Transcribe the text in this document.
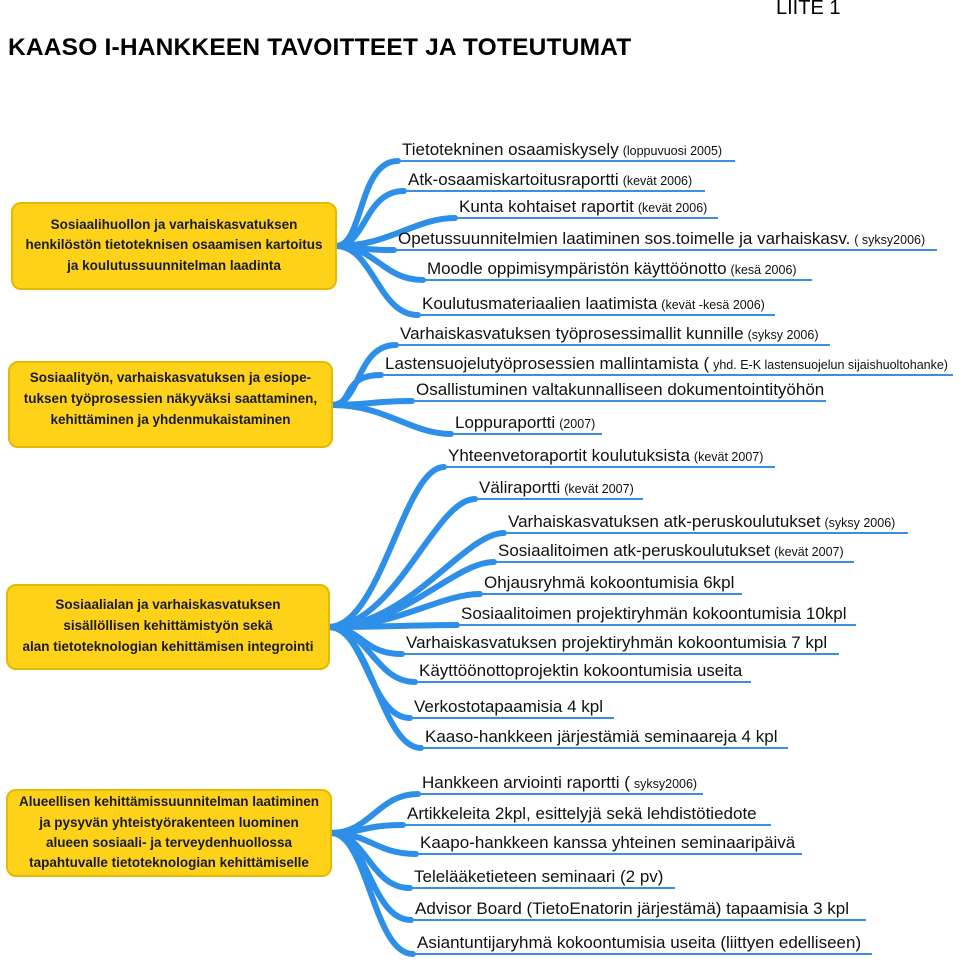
LIITE 1
KAASO I-HANKKEEN TAVOITTEET JA TOTEUTUMAT
Sosiaalihuollon ja varhaiskasvatuksen
henkilöstön tietoteknisen osaamisen kartoitus
ja koulutussuunnitelman laadinta
Sosiaalityön, varhaiskasvatuksen ja esiope-
tuksen työprosessien näkyväksi saattaminen,
kehittäminen ja yhdenmukaistaminen
Sosiaalialan ja varhaiskasvatuksen
sisällöllisen kehittämistyön sekä
alan tietoteknologian kehittämisen integrointi
Alueellisen kehittämissuunnitelman laatiminen
ja pysyvän yhteistyörakenteen luominen
alueen sosiaali- ja terveydenhuollossa
tapahtuvalle tietoteknologian kehittämiselle
Tietotekninen osaamiskysely (loppuvuosi 2005)
Atk-osaamiskartoitusraportti (kevät 2006)
Kunta kohtaiset raportit (kevät 2006)
Opetussuunnitelmien laatiminen sos.toimelle ja varhaiskasv. ( syksy2006)
Moodle oppimisympäristön käyttöönotto (kesä 2006)
Koulutusmateriaalien laatimista (kevät -kesä 2006)
Varhaiskasvatuksen työprosessimallit kunnille (syksy 2006)
Lastensuojelutyöprosessien mallintamista ( yhd. E-K lastensuojelun sijaishuoltohanke)
Osallistuminen valtakunnalliseen dokumentointityöhön
Loppuraportti (2007)
Yhteenvetoraportit koulutuksista (kevät 2007)
Väliraportti (kevät 2007)
Varhaiskasvatuksen atk-peruskoulutukset (syksy 2006)
Sosiaalitoimen atk-peruskoulutukset (kevät 2007)
Ohjausryhmä kokoontumisia 6kpl
Sosiaalitoimen projektiryhmän kokoontumisia 10kpl
Varhaiskasvatuksen projektiryhmän kokoontumisia 7 kpl
Käyttöönottoprojektin kokoontumisia useita
Verkostotapaamisia 4 kpl
Kaaso-hankkeen järjestämiä seminaareja 4 kpl
Hankkeen arviointi raportti ( syksy2006)
Artikkeleita 2kpl, esittelyjä sekä lehdistötiedote
Kaapo-hankkeen kanssa yhteinen seminaaripäivä
Telelääketieteen seminaari (2 pv)
Advisor Board (TietoEnatorin järjestämä) tapaamisia 3 kpl
Asiantuntijaryhmä kokoontumisia useita (liittyen edelliseen)
